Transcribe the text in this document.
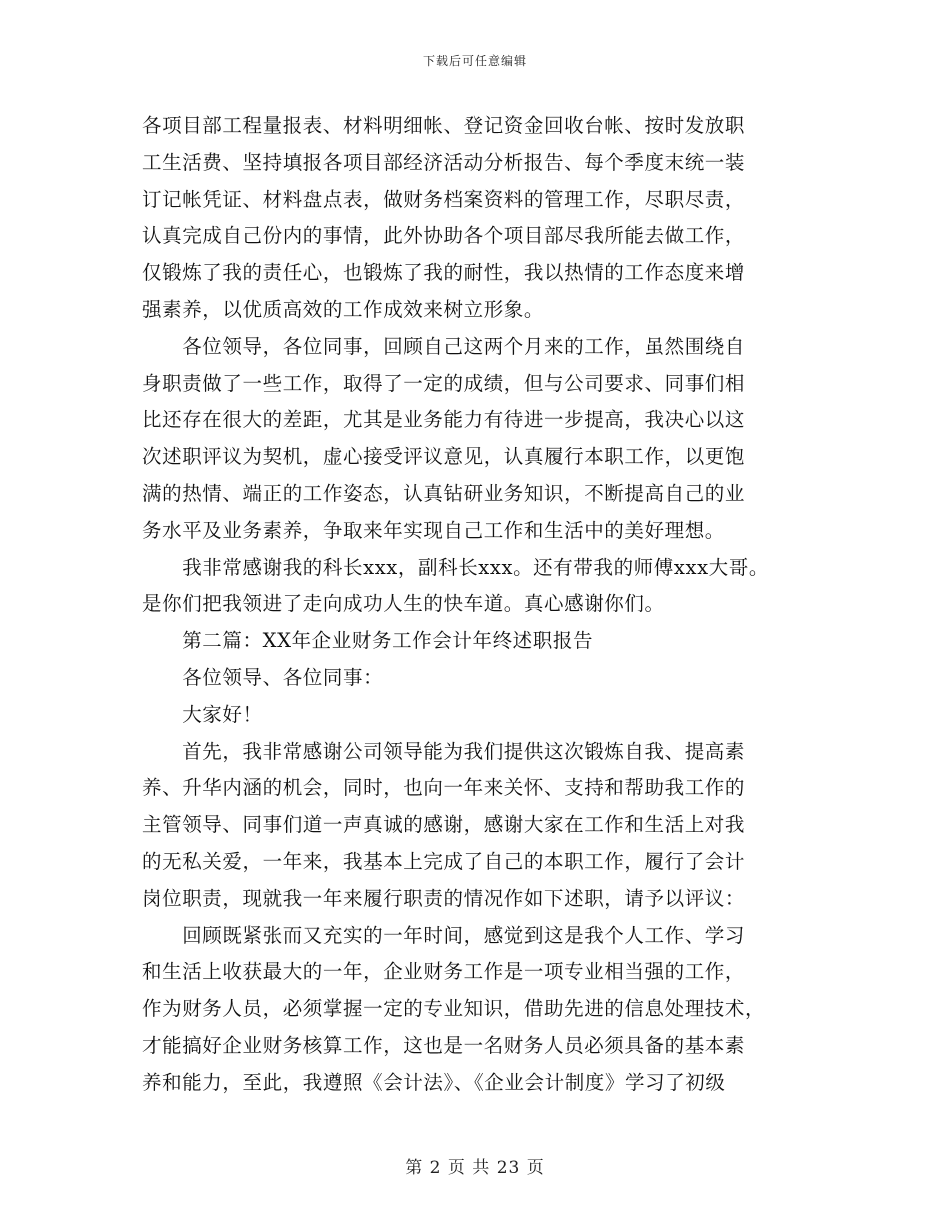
下载后可任意编辑
各项目部工程量报表、材料明细帐、登记资金回收台帐、按时发放职
工生活费、坚持填报各项目部经济活动分析报告、每个季度末统一装
订记帐凭证、材料盘点表，做财务档案资料的管理工作，尽职尽责，
认真完成自己份内的事情，此外协助各个项目部尽我所能去做工作，
仅锻炼了我的责任心，也锻炼了我的耐性，我以热情的工作态度来增
强素养，以优质高效的工作成效来树立形象。
　　各位领导，各位同事，回顾自己这两个月来的工作，虽然围绕自
身职责做了一些工作，取得了一定的成绩，但与公司要求、同事们相
比还存在很大的差距，尤其是业务能力有待进一步提高，我决心以这
次述职评议为契机，虚心接受评议意见，认真履行本职工作，以更饱
满的热情、端正的工作姿态，认真钻研业务知识，不断提高自己的业
务水平及业务素养，争取来年实现自己工作和生活中的美好理想。
　　我非常感谢我的科长xxx，副科长xxx。还有带我的师傅xxx大哥。
是你们把我领进了走向成功人生的快车道。真心感谢你们。
　　第二篇：XX年企业财务工作会计年终述职报告
　　各位领导、各位同事：
　　大家好！
　　首先，我非常感谢公司领导能为我们提供这次锻炼自我、提高素
养、升华内涵的机会，同时，也向一年来关怀、支持和帮助我工作的
主管领导、同事们道一声真诚的感谢，感谢大家在工作和生活上对我
的无私关爱，一年来，我基本上完成了自己的本职工作，履行了会计
岗位职责，现就我一年来履行职责的情况作如下述职，请予以评议：
　　回顾既紧张而又充实的一年时间，感觉到这是我个人工作、学习
和生活上收获最大的一年，企业财务工作是一项专业相当强的工作，
作为财务人员，必须掌握一定的专业知识，借助先进的信息处理技术，
才能搞好企业财务核算工作，这也是一名财务人员必须具备的基本素
养和能力，至此，我遵照《会计法》、《企业会计制度》学习了初级
第 2 页 共 23 页
